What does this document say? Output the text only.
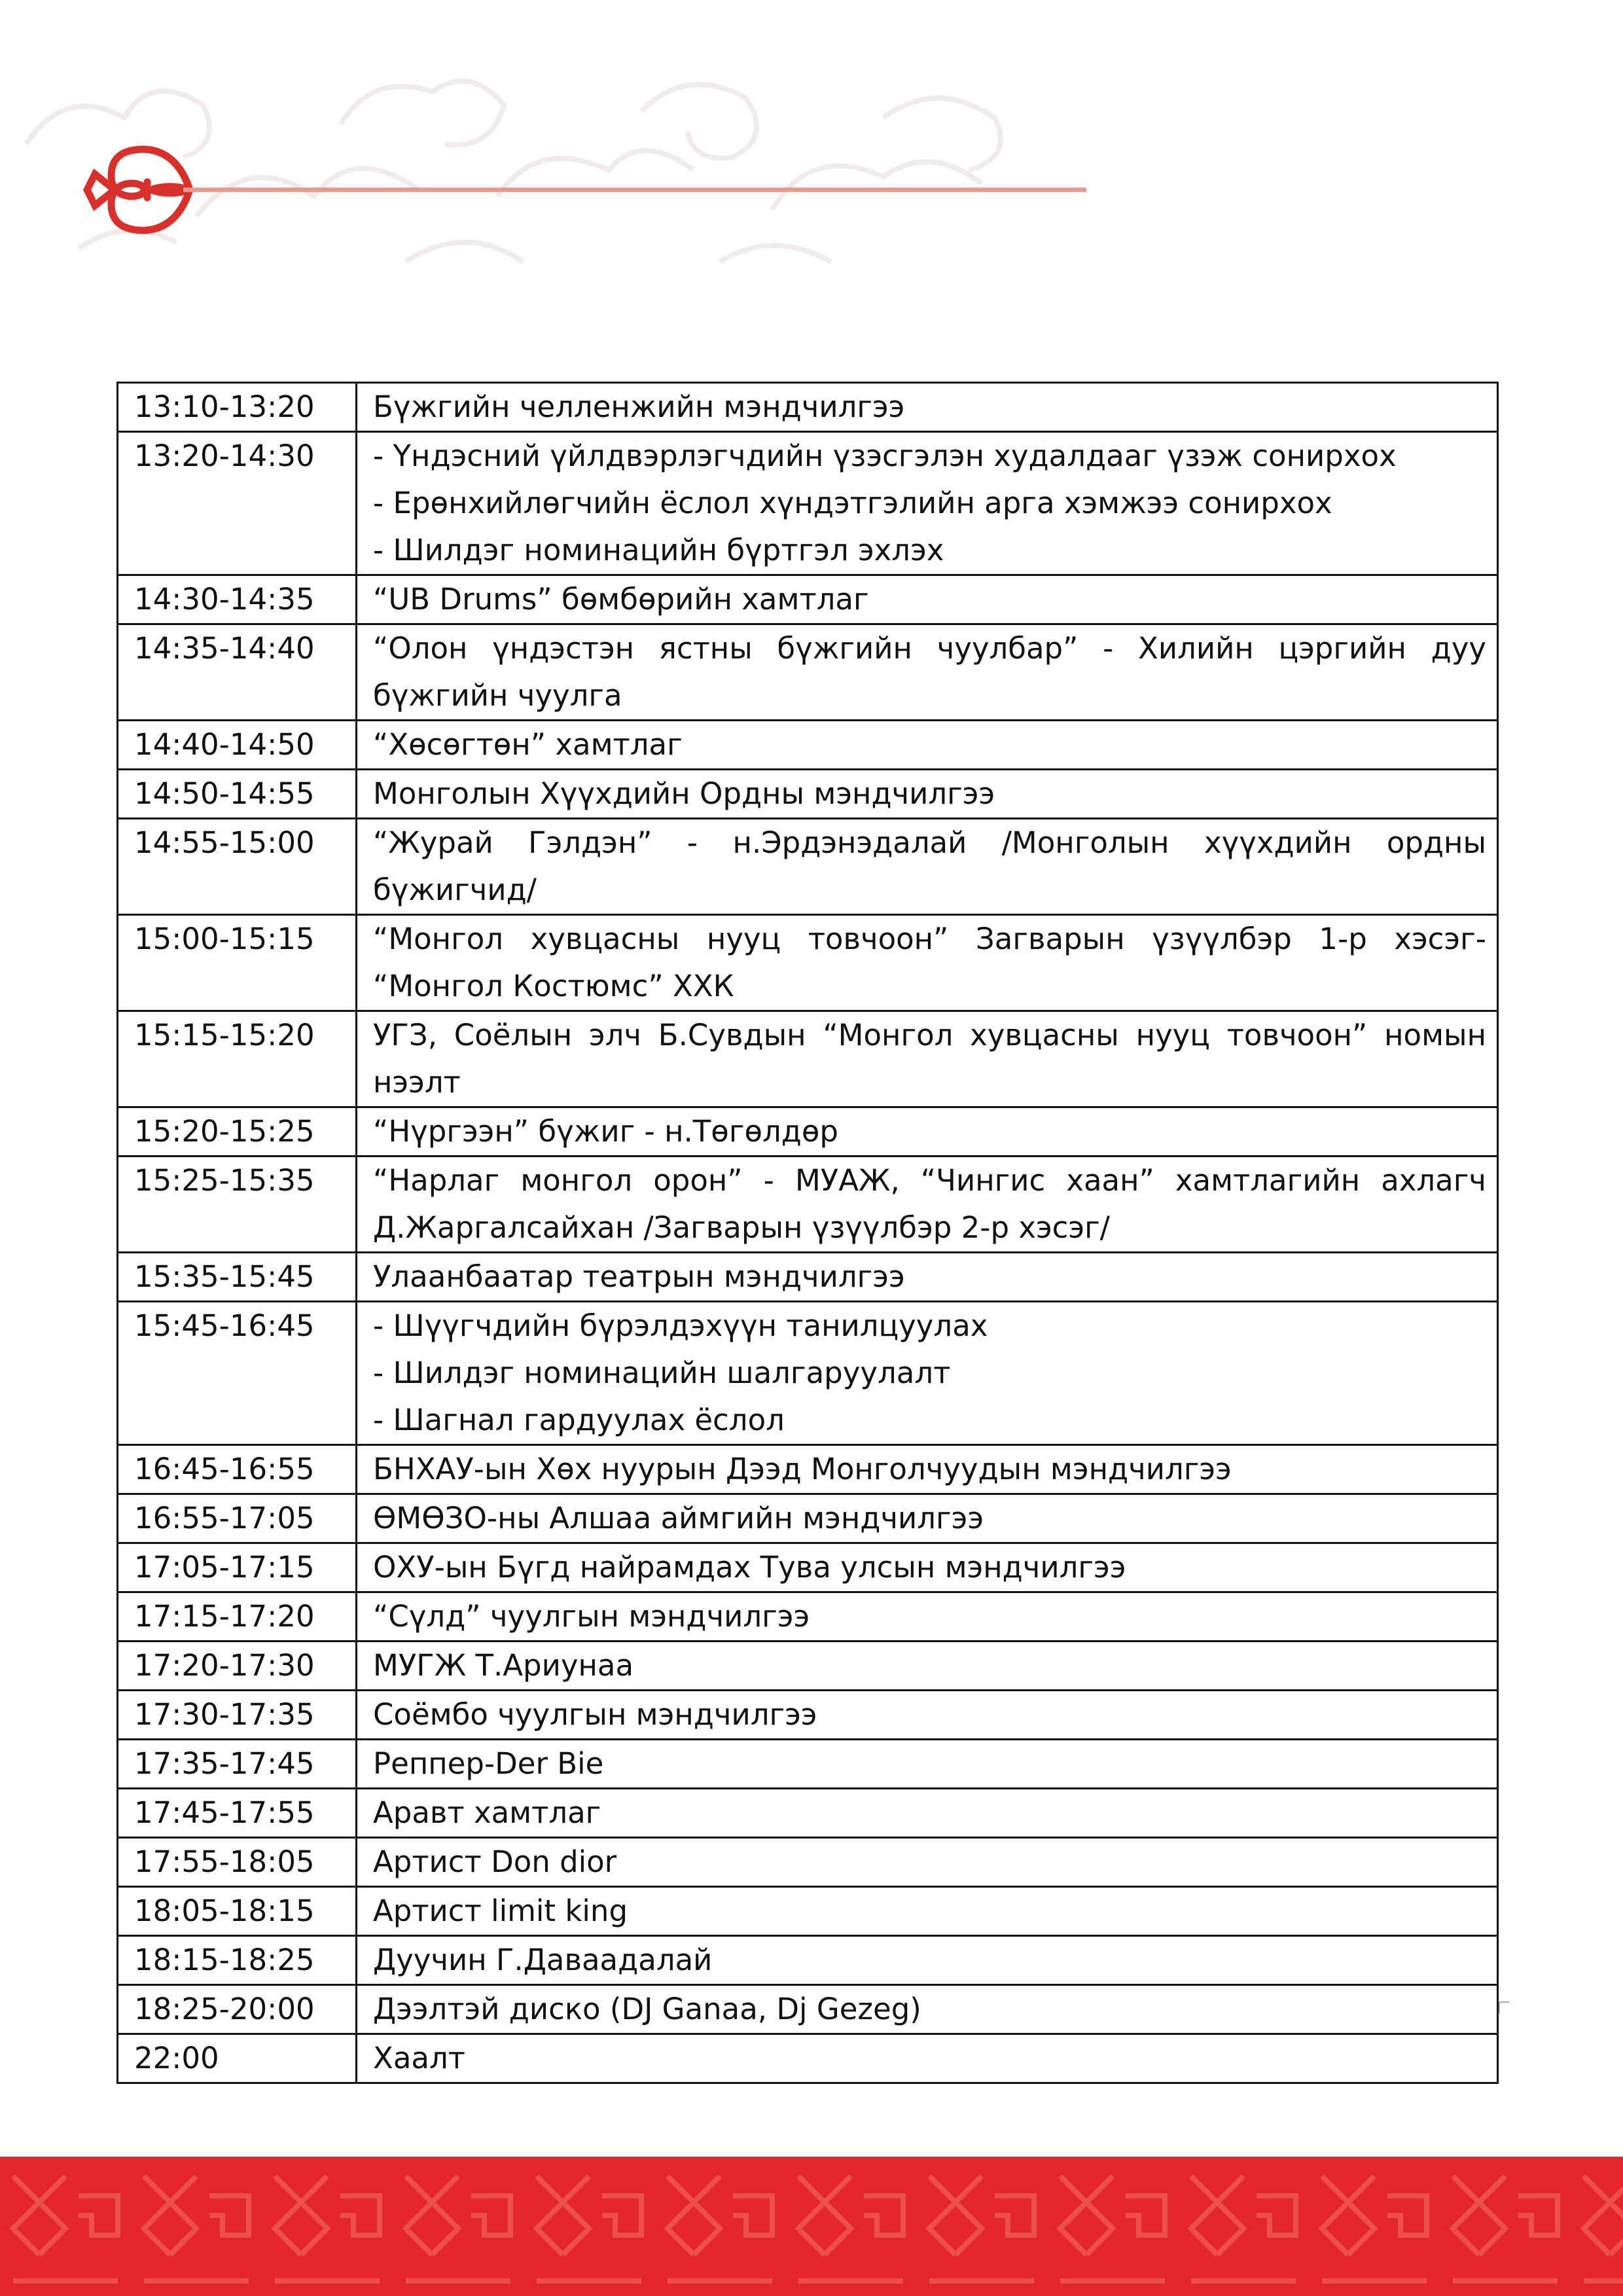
13:10-13:20	Бүжгийн челленжийн мэндчилгээ

13:20-14:30	- Үндэсний үйлдвэрлэгчдийн үзэсгэлэн худалдааг үзэж сонирхох
- Ерөнхийлөгчийн ёслол хүндэтгэлийн арга хэмжээ сонирхох
- Шилдэг номинацийн бүртгэл эхлэх

14:30-14:35	“UB Drums” бөмбөрийн хамтлаг

14:35-14:40	“Олон үндэстэн ястны бүжгийн чуулбар” - Хилийн цэргийн дуу бүжгийн чуулга

14:40-14:50	“Хөсөгтөн” хамтлаг

14:50-14:55	Монголын Хүүхдийн Ордны мэндчилгээ

14:55-15:00	“Журай Гэлдэн” - н.Эрдэнэдалай /Монголын хүүхдийн ордны бүжигчид/

15:00-15:15	“Монгол хувцасны нууц товчоон” Загварын үзүүлбэр 1-р хэсэг- “Монгол Костюмс” ХХК

15:15-15:20	УГЗ, Соёлын элч Б.Сувдын “Монгол хувцасны нууц товчоон” номын нээлт

15:20-15:25	“Нүргээн” бүжиг - н.Төгөлдөр

15:25-15:35	“Нарлаг монгол орон” - МУАЖ, “Чингис хаан” хамтлагийн ахлагч Д.Жаргалсайхан /Загварын үзүүлбэр 2-р хэсэг/

15:35-15:45	Улаанбаатар театрын мэндчилгээ

15:45-16:45	- Шүүгчдийн бүрэлдэхүүн танилцуулах
- Шилдэг номинацийн шалгаруулалт
- Шагнал гардуулах ёслол

16:45-16:55	БНХАУ-ын Хөх нуурын Дээд Монголчуудын мэндчилгээ

16:55-17:05	ӨМӨЗО-ны Алшаа аймгийн мэндчилгээ

17:05-17:15	ОХУ-ын Бүгд найрамдах Тува улсын мэндчилгээ

17:15-17:20	“Сүлд” чуулгын мэндчилгээ

17:20-17:30	МУГЖ Т.Ариунаа

17:30-17:35	Соёмбо чуулгын мэндчилгээ

17:35-17:45	Реппер-Der Bie

17:45-17:55	Аравт хамтлаг

17:55-18:05	Артист Don dior

18:05-18:15	Артист limit king

18:15-18:25	Дуучин Г.Даваадалай

18:25-20:00	Дээлтэй диско (DJ Ganaa, Dj Gezeg)

22:00	Хаалт
